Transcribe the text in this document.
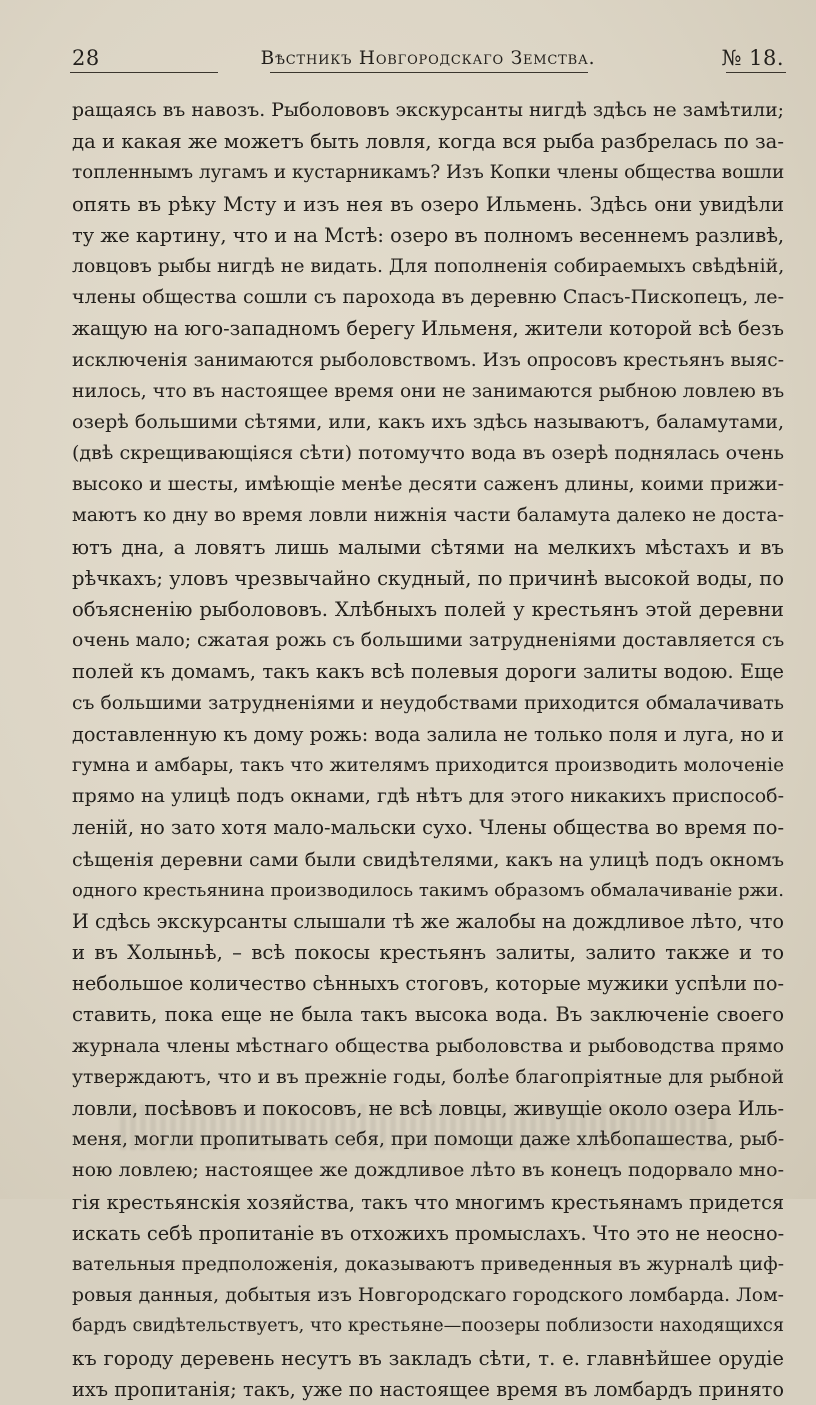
28	Вѣстникъ Новгородскаго Земства.	№ 18.
ращаясь въ навозъ. Рыболововъ экскурсанты нигдѣ здѣсь не замѣтили;
да и какая же можетъ быть ловля, когда вся рыба разбрелась по за-
топленнымъ лугамъ и кустарникамъ? Изъ Копки члены общества вошли
опять въ рѣку Мсту и изъ нея въ озеро Ильмень. Здѣсь они увидѣли
ту же картину, что и на Мстѣ: озеро въ полномъ весеннемъ разливѣ,
ловцовъ рыбы нигдѣ не видать. Для пополненія собираемыхъ свѣдѣній,
члены общества сошли съ парохода въ деревню Спасъ-Пископецъ, ле-
жащую на юго-западномъ берегу Ильменя, жители которой всѣ безъ
исключенія занимаются рыболовствомъ. Изъ опросовъ крестьянъ выяс-
нилось, что въ настоящее время они не занимаются рыбною ловлею въ
озерѣ большими сѣтями, или, какъ ихъ здѣсь называютъ, баламутами,
(двѣ скрещивающіяся сѣти) потомучто вода въ озерѣ поднялась очень
высоко и шесты, имѣющіе менѣе десяти саженъ длины, коими прижи-
маютъ ко дну во время ловли нижнія части баламута далеко не доста-
ютъ дна, а ловятъ лишь малыми сѣтями на мелкихъ мѣстахъ и въ
рѣчкахъ; уловъ чрезвычайно скудный, по причинѣ высокой воды, по
объясненію рыболововъ. Хлѣбныхъ полей у крестьянъ этой деревни
очень мало; сжатая рожь съ большими затрудненіями доставляется съ
полей къ домамъ, такъ какъ всѣ полевыя дороги залиты водою. Еще
съ большими затрудненіями и неудобствами приходится обмалачивать
доставленную къ дому рожь: вода залила не только поля и луга, но и
гумна и амбары, такъ что жителямъ приходится производить молоченіе
прямо на улицѣ подъ окнами, гдѣ нѣтъ для этого никакихъ приспособ-
леній, но зато хотя мало-мальски сухо. Члены общества во время по-
сѣщенія деревни сами были свидѣтелями, какъ на улицѣ подъ окномъ
одного крестьянина производилось такимъ образомъ обмалачиваніе ржи.
И сдѣсь экскурсанты слышали тѣ же жалобы на дождливое лѣто, что
и въ Холыньѣ, – всѣ покосы крестьянъ залиты, залито также и то
небольшое количество сѣнныхъ стоговъ, которые мужики успѣли по-
ставить, пока еще не была такъ высока вода. Въ заключеніе своего
журнала члены мѣстнаго общества рыболовства и рыбоводства прямо
утверждаютъ, что и въ прежніе годы, болѣе благопріятные для рыбной
ловли, посѣвовъ и покосовъ, не всѣ ловцы, живущіе около озера Иль-
меня, могли пропитывать себя, при помощи даже хлѣбопашества, рыб-
ною ловлею; настоящее же дождливое лѣто въ конецъ подорвало мно-
гія крестьянскія хозяйства, такъ что многимъ крестьянамъ придется
искать себѣ пропитаніе въ отхожихъ промыслахъ. Что это не неосно-
вательныя предположенія, доказываютъ приведенныя въ журналѣ циф-
ровыя данныя, добытыя изъ Новгородскаго городского ломбарда. Лом-
бардъ свидѣтельствуетъ, что крестьяне—поозеры поблизости находящихся
къ городу деревень несутъ въ закладъ сѣти, т. е. главнѣйшее орудіе
ихъ пропитанія; такъ, уже по настоящее время въ ломбардъ принято
